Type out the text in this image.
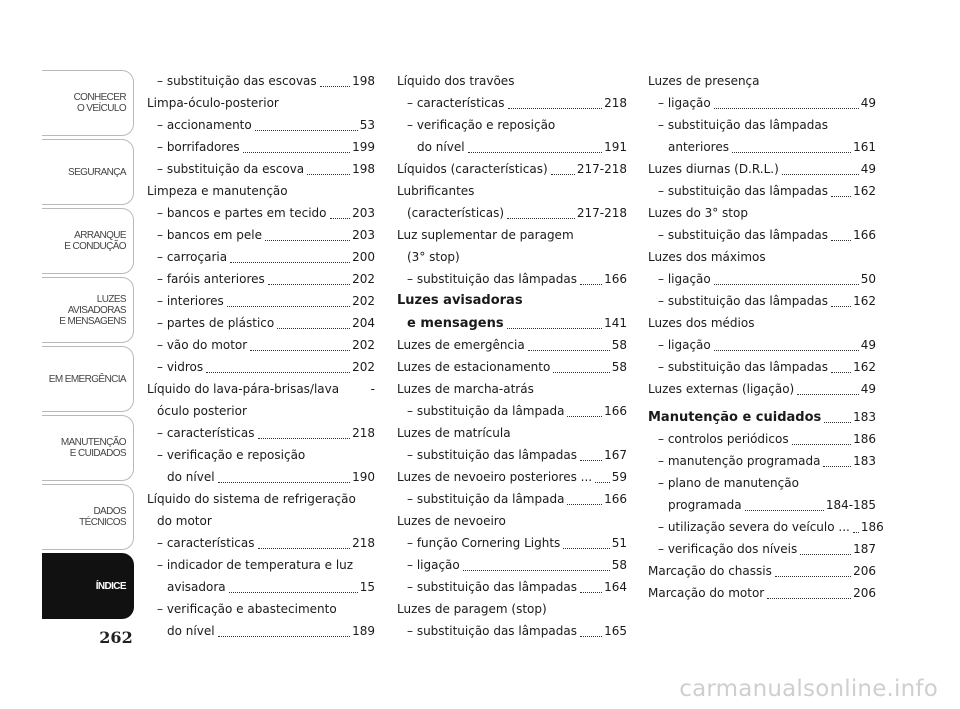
CONHECER
O VEÍCULO
SEGURANÇA
ARRANQUE
E CONDUÇÃO
LUZES
AVISADORAS
E MENSAGENS
EM EMERGÊNCIA
MANUTENÇÃO
E CUIDADOS
DADOS
TÉCNICOS
ÍNDICE
262
– substituição das escovas	198
Limpa-óculo-posterior
– accionamento	53
– borrifadores	199
– substituição da escova	198
Limpeza e manutenção
– bancos e partes em tecido 203
– bancos em pele	203
– carroçaria	200
– faróis anteriores	202
– interiores	202
– partes de plástico	204
– vão do motor	202
– vidros	202
Líquido do lava-pára-brisas/lava	-
óculo posterior
– características	218
– verificação e reposição
do nível	190
Líquido do sistema de refrigeração
do motor
– características	218
– indicador de temperatura e luz
avisadora	15
– verificação e abastecimento
do nível	189
Líquido dos travões
– características	218
– verificação e reposição
do nível	191
Líquidos (características) 217-218
Lubrificantes
(características)	217-218
Luz suplementar de paragem
(3° stop)
– substituição das lâmpadas 166
Luzes avisadoras
e mensagens	141
Luzes de emergência	58
Luzes de estacionamento	58
Luzes de marcha-atrás
– substituição da lâmpada	166
Luzes de matrícula
– substituição das lâmpadas 167
Luzes de nevoeiro posteriores ... 59
– substituição da lâmpada	166
Luzes de nevoeiro
– função Cornering Lights	51
– ligação	58
– substituição das lâmpadas 164
Luzes de paragem (stop)
– substituição das lâmpadas 165
Luzes de presença
– ligação	49
– substituição das lâmpadas
anteriores	161
Luzes diurnas (D.R.L.)	49
– substituição das lâmpadas 162
Luzes do 3° stop
– substituição das lâmpadas 166
Luzes dos máximos
– ligação	50
– substituição das lâmpadas 162
Luzes dos médios
– ligação	49
– substituição das lâmpadas 162
Luzes externas (ligação)	49
Manutenção e cuidados	183
– controlos periódicos	186
– manutenção programada	183
– plano de manutenção
programada	184-185
– utilização severa do veículo ... 186
– verificação dos níveis	187
Marcação do chassis	206
Marcação do motor	206
carmanualsonline.info
